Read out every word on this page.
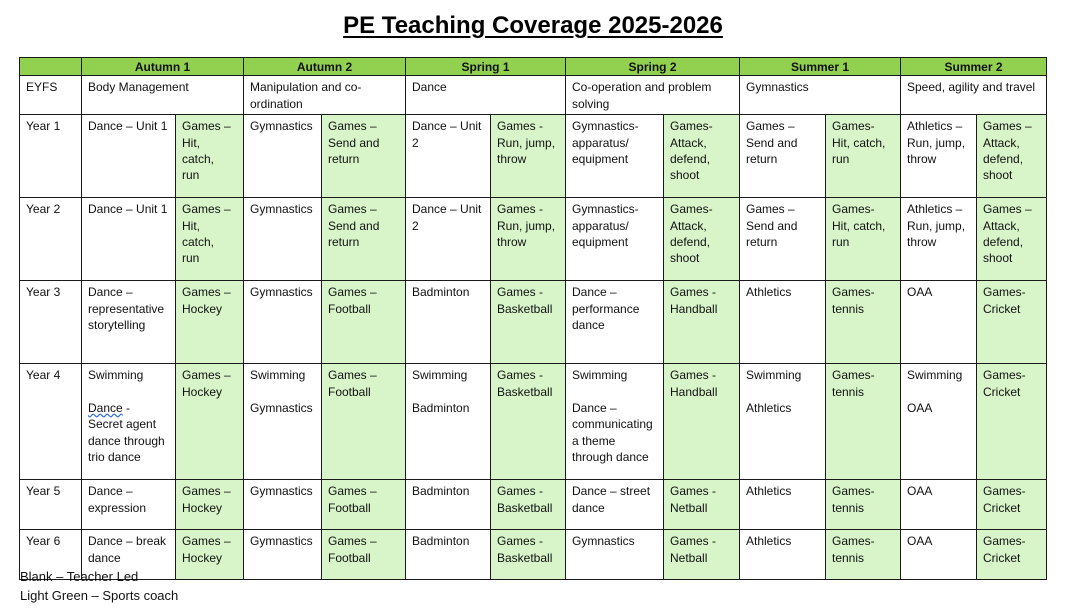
PE Teaching Coverage 2025-2026
	Autumn 1		Autumn 2		Spring 1		Spring 2		Summer 1		Summer 2	
EYFS	Body Management		Manipulation and co-ordination		Dance		Co-operation and problem solving		Gymnastics		Speed, agility and travel	
Year 1	Dance – Unit 1	Games –
Hit,
catch,
run	Gymnastics	Games –
Send and
return	Dance – Unit
2	Games -
Run, jump,
throw	Gymnastics-
apparatus/
equipment	Games-
Attack,
defend,
shoot	Games –
Send and
return	Games-
Hit, catch,
run	Athletics –
Run, jump,
throw	Games –
Attack,
defend,
shoot
Year 2	Dance – Unit 1	Games –
Hit,
catch,
run	Gymnastics	Games –
Send and
return	Dance – Unit
2	Games -
Run, jump,
throw	Gymnastics-
apparatus/
equipment	Games-
Attack,
defend,
shoot	Games –
Send and
return	Games-
Hit, catch,
run	Athletics –
Run, jump,
throw	Games –
Attack,
defend,
shoot
Year 3	Dance –
representative
storytelling	Games –
Hockey	Gymnastics	Games –
Football	Badminton	Games -
Basketball	Dance –
performance
dance	Games -
Handball	Athletics	Games-
tennis	OAA	Games-
Cricket
Year 4	Swimming

Dance -
Secret agent
dance through
trio dance	Games –
Hockey	Swimming

Gymnastics	Games –
Football	Swimming

Badminton	Games -
Basketball	Swimming

Dance –
communicating
a theme
through dance	Games -
Handball	Swimming

Athletics	Games-
tennis	Swimming

OAA	Games-
Cricket
Year 5	Dance –
expression	Games –
Hockey	Gymnastics	Games –
Football	Badminton	Games -
Basketball	Dance – street
dance	Games -
Netball	Athletics	Games-
tennis	OAA	Games-
Cricket
Year 6	Dance – break
dance	Games –
Hockey	Gymnastics	Games –
Football	Badminton	Games -
Basketball	Gymnastics	Games -
Netball	Athletics	Games-
tennis	OAA	Games-
Cricket
Blank – Teacher Led
Light Green – Sports coach
